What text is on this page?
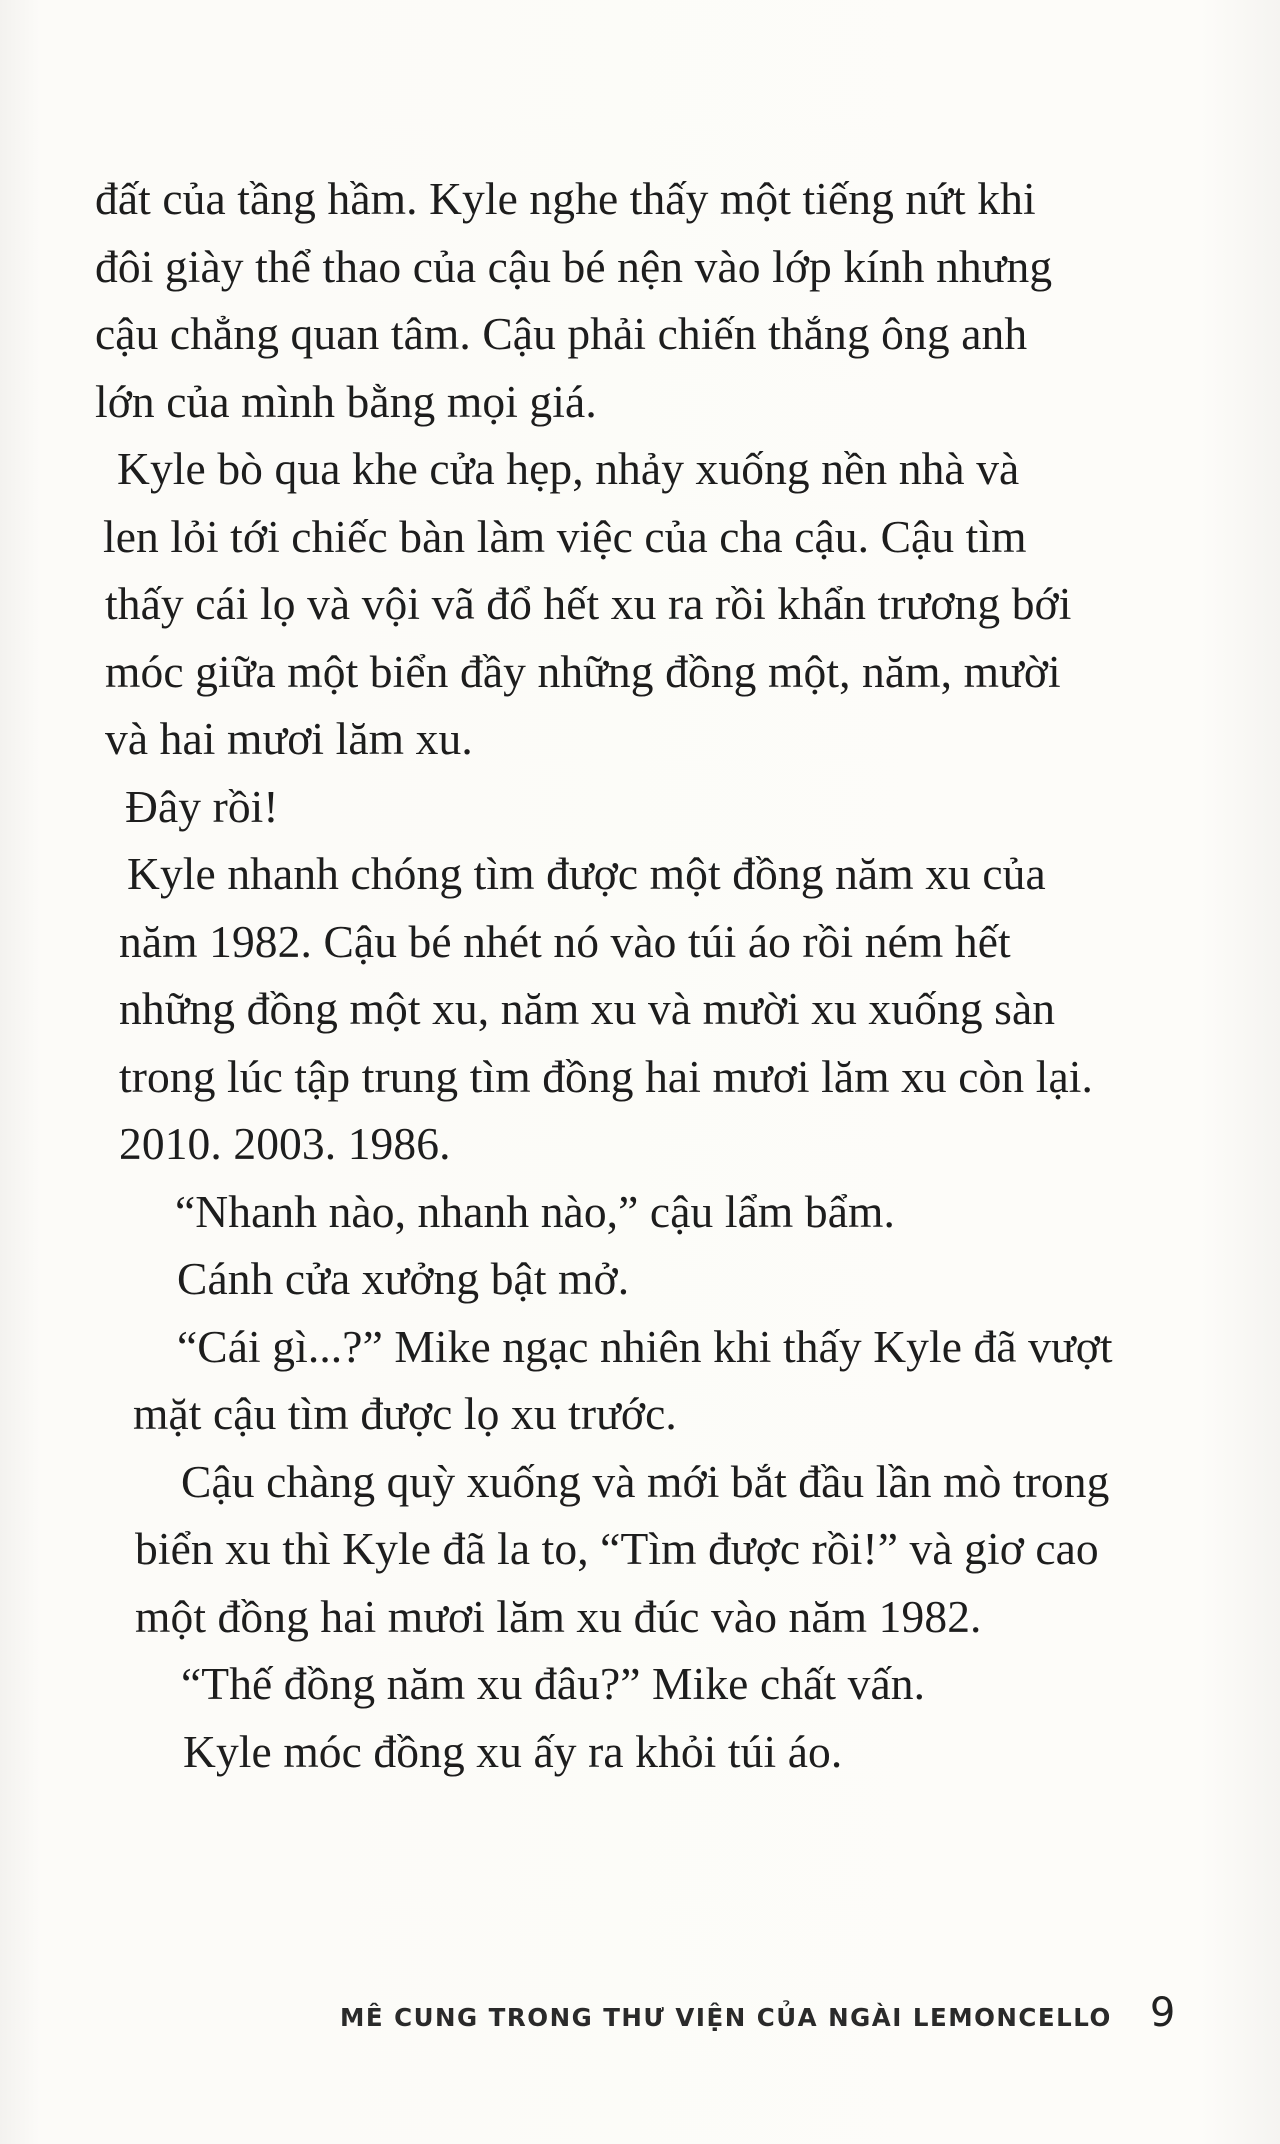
đất của tầng hầm. Kyle nghe thấy một tiếng nứt khi
đôi giày thể thao của cậu bé nện vào lớp kính nhưng
cậu chẳng quan tâm. Cậu phải chiến thắng ông anh
lớn của mình bằng mọi giá.
Kyle bò qua khe cửa hẹp, nhảy xuống nền nhà và
len lỏi tới chiếc bàn làm việc của cha cậu. Cậu tìm
thấy cái lọ và vội vã đổ hết xu ra rồi khẩn trương bới
móc giữa một biển đầy những đồng một, năm, mười
và hai mươi lăm xu.
Đây rồi!
Kyle nhanh chóng tìm được một đồng năm xu của
năm 1982. Cậu bé nhét nó vào túi áo rồi ném hết
những đồng một xu, năm xu và mười xu xuống sàn
trong lúc tập trung tìm đồng hai mươi lăm xu còn lại.
2010. 2003. 1986.
“Nhanh nào, nhanh nào,” cậu lẩm bẩm.
Cánh cửa xưởng bật mở.
“Cái gì...?” Mike ngạc nhiên khi thấy Kyle đã vượt
mặt cậu tìm được lọ xu trước.
Cậu chàng quỳ xuống và mới bắt đầu lần mò trong
biển xu thì Kyle đã la to, “Tìm được rồi!” và giơ cao
một đồng hai mươi lăm xu đúc vào năm 1982.
“Thế đồng năm xu đâu?” Mike chất vấn.
Kyle móc đồng xu ấy ra khỏi túi áo.
MÊ CUNG TRONG THƯ VIỆN CỦA NGÀI LEMONCELLO 9
